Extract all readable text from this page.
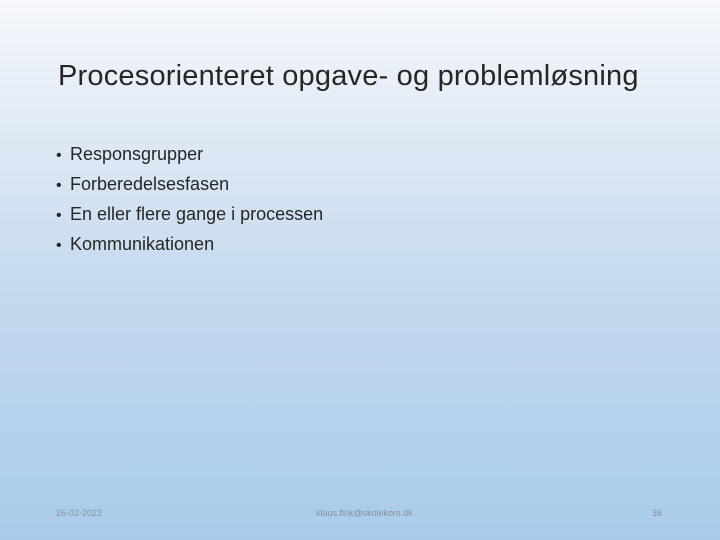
Procesorienteret opgave- og problemløsning
• Responsgrupper
• Forberedelsesfasen
• En eller flere gange i processen
• Kommunikationen
26-02-2022	klaus.fink@skolekom.dk	36
